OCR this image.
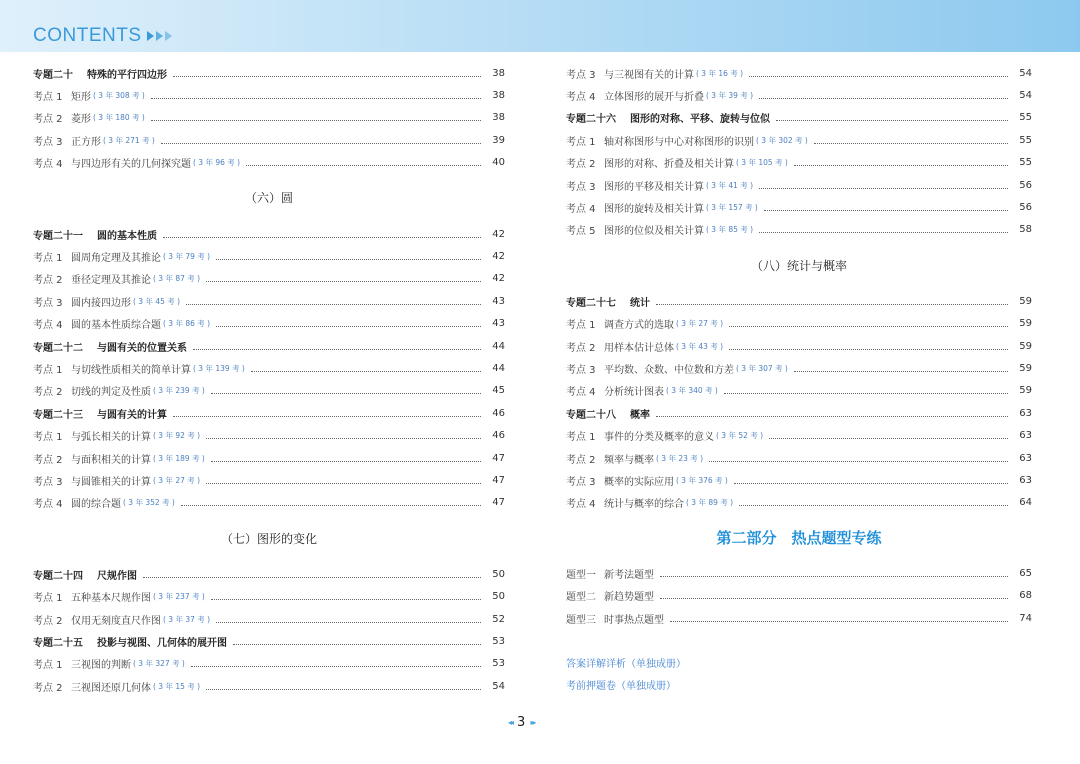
CONTENTS
专题二十 特殊的平行四边形	38
考点 1 矩形 ( 3 年 308 考 )	38
考点 2 菱形 ( 3 年 180 考 )	38
考点 3 正方形 ( 3 年 271 考 )	39
考点 4 与四边形有关的几何探究题 ( 3 年 96 考 )	40
（六）圆
专题二十一 圆的基本性质	42
考点 1 圆周角定理及其推论 ( 3 年 79 考 )	42
考点 2 垂径定理及其推论 ( 3 年 87 考 )	42
考点 3 圆内接四边形 ( 3 年 45 考 )	43
考点 4 圆的基本性质综合题 ( 3 年 86 考 )	43
专题二十二 与圆有关的位置关系	44
考点 1 与切线性质相关的简单计算 ( 3 年 139 考 )	44
考点 2 切线的判定及性质 ( 3 年 239 考 )	45
专题二十三 与圆有关的计算	46
考点 1 与弧长相关的计算 ( 3 年 92 考 )	46
考点 2 与面积相关的计算 ( 3 年 189 考 )	47
考点 3 与圆锥相关的计算 ( 3 年 27 考 )	47
考点 4 圆的综合题 ( 3 年 352 考 )	47
（七）图形的变化
专题二十四 尺规作图	50
考点 1 五种基本尺规作图 ( 3 年 237 考 )	50
考点 2 仅用无刻度直尺作图 ( 3 年 37 考 )	52
专题二十五 投影与视图、几何体的展开图	53
考点 1 三视图的判断 ( 3 年 327 考 )	53
考点 2 三视图还原几何体 ( 3 年 15 考 )	54
考点 3 与三视图有关的计算 ( 3 年 16 考 )	54
考点 4 立体图形的展开与折叠 ( 3 年 39 考 )	54
专题二十六 图形的对称、平移、旋转与位似	55
考点 1 轴对称图形与中心对称图形的识别 ( 3 年 302 考 )	55
考点 2 图形的对称、折叠及相关计算 ( 3 年 105 考 )	55
考点 3 图形的平移及相关计算 ( 3 年 41 考 )	56
考点 4 图形的旋转及相关计算 ( 3 年 157 考 )	56
考点 5 图形的位似及相关计算 ( 3 年 85 考 )	58
（八）统计与概率
专题二十七 统计	59
考点 1 调查方式的选取 ( 3 年 27 考 )	59
考点 2 用样本估计总体 ( 3 年 43 考 )	59
考点 3 平均数、众数、中位数和方差 ( 3 年 307 考 )	59
考点 4 分析统计图表 ( 3 年 340 考 )	59
专题二十八 概率	63
考点 1 事件的分类及概率的意义 ( 3 年 52 考 )	63
考点 2 频率与概率 ( 3 年 23 考 )	63
考点 3 概率的实际应用 ( 3 年 376 考 )	63
考点 4 统计与概率的综合 ( 3 年 89 考 )	64
第二部分　热点题型专练
题型一 新考法题型	65
题型二 新趋势题型	68
题型三 时事热点题型	74
答案详解详析（单独成册）
考前押题卷（单独成册）
◂◂ 3 ▸▸
